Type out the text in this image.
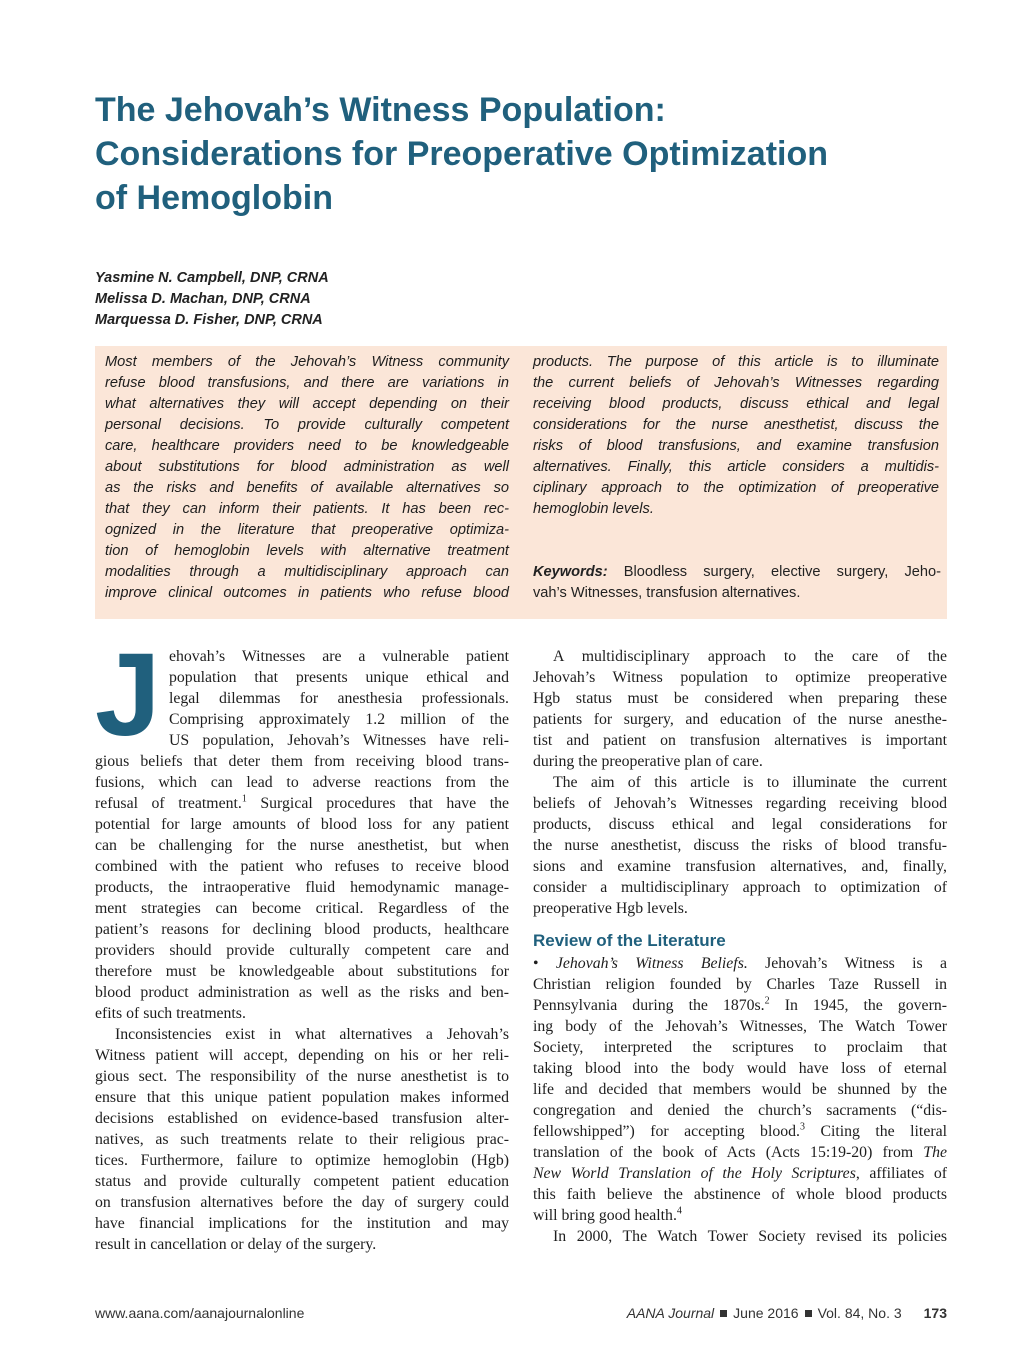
The Jehovah’s Witness Population:
Considerations for Preoperative Optimization
of Hemoglobin
Yasmine N. Campbell, DNP, CRNA
Melissa D. Machan, DNP, CRNA
Marquessa D. Fisher, DNP, CRNA
Most members of the Jehovah’s Witness community
refuse blood transfusions, and there are variations in
what alternatives they will accept depending on their
personal decisions. To provide culturally competent
care, healthcare providers need to be knowledgeable
about substitutions for blood administration as well
as the risks and benefits of available alternatives so
that they can inform their patients. It has been rec-
ognized in the literature that preoperative optimiza-
tion of hemoglobin levels with alternative treatment
modalities through a multidisciplinary approach can
improve clinical outcomes in patients who refuse blood
products. The purpose of this article is to illuminate
the current beliefs of Jehovah’s Witnesses regarding
receiving blood products, discuss ethical and legal
considerations for the nurse anesthetist, discuss the
risks of blood transfusions, and examine transfusion
alternatives. Finally, this article considers a multidis-
ciplinary approach to the optimization of preoperative
hemoglobin levels.
Keywords: Bloodless surgery, elective surgery, Jeho-
vah’s Witnesses, transfusion alternatives.
J ehovah’s Witnesses are a vulnerable patient
population that presents unique ethical and
legal dilemmas for anesthesia professionals.
Comprising approximately 1.2 million of the
US population, Jehovah’s Witnesses have reli-
gious beliefs that deter them from receiving blood trans-
fusions, which can lead to adverse reactions from the
refusal of treatment.$^1$ Surgical procedures that have the
potential for large amounts of blood loss for any patient
can be challenging for the nurse anesthetist, but when
combined with the patient who refuses to receive blood
products, the intraoperative fluid hemodynamic manage-
ment strategies can become critical. Regardless of the
patient’s reasons for declining blood products, healthcare
providers should provide culturally competent care and
therefore must be knowledgeable about substitutions for
blood product administration as well as the risks and ben-
efits of such treatments.
Inconsistencies exist in what alternatives a Jehovah’s
Witness patient will accept, depending on his or her reli-
gious sect. The responsibility of the nurse anesthetist is to
ensure that this unique patient population makes informed
decisions established on evidence-based transfusion alter-
natives, as such treatments relate to their religious prac-
tices. Furthermore, failure to optimize hemoglobin (Hgb)
status and provide culturally competent patient education
on transfusion alternatives before the day of surgery could
have financial implications for the institution and may
result in cancellation or delay of the surgery.
A multidisciplinary approach to the care of the
Jehovah’s Witness population to optimize preoperative
Hgb status must be considered when preparing these
patients for surgery, and education of the nurse anesthe-
tist and patient on transfusion alternatives is important
during the preoperative plan of care.
The aim of this article is to illuminate the current
beliefs of Jehovah’s Witnesses regarding receiving blood
products, discuss ethical and legal considerations for
the nurse anesthetist, discuss the risks of blood transfu-
sions and examine transfusion alternatives, and, finally,
consider a multidisciplinary approach to optimization of
preoperative Hgb levels.
Review of the Literature
• Jehovah’s Witness Beliefs. Jehovah’s Witness is a
Christian religion founded by Charles Taze Russell in
Pennsylvania during the 1870s.$^2$ In 1945, the govern-
ing body of the Jehovah’s Witnesses, The Watch Tower
Society, interpreted the scriptures to proclaim that
taking blood into the body would have loss of eternal
life and decided that members would be shunned by the
congregation and denied the church’s sacraments (“dis-
fellowshipped”) for accepting blood.$^3$ Citing the literal
translation of the book of Acts (Acts 15:19-20) from The
New World Translation of the Holy Scriptures, affiliates of
this faith believe the abstinence of whole blood products
will bring good health.$^4$
In 2000, The Watch Tower Society revised its policies
www.aana.com/aanajournalonline	AANA Journal June 2016 Vol. 84, No. 3 173
